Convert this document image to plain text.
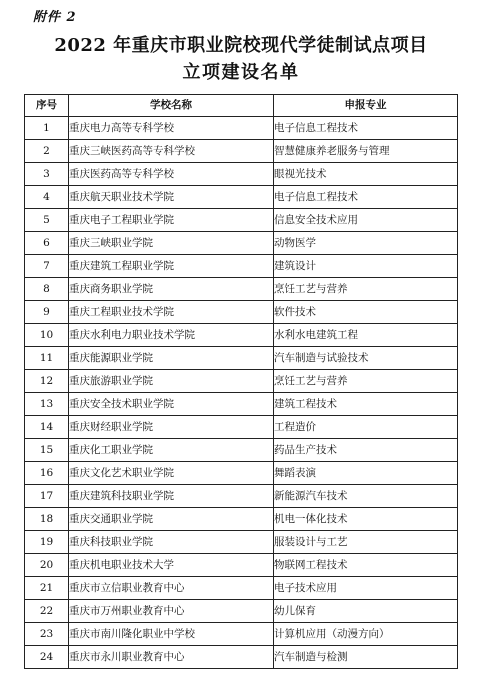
附件 2
2022 年重庆市职业院校现代学徒制试点项目
立项建设名单
序号	学校名称	申报专业
1	重庆电力高等专科学校	电子信息工程技术
2	重庆三峡医药高等专科学校	智慧健康养老服务与管理
3	重庆医药高等专科学校	眼视光技术
4	重庆航天职业技术学院	电子信息工程技术
5	重庆电子工程职业学院	信息安全技术应用
6	重庆三峡职业学院	动物医学
7	重庆建筑工程职业学院	建筑设计
8	重庆商务职业学院	烹饪工艺与营养
9	重庆工程职业技术学院	软件技术
10	重庆水利电力职业技术学院	水利水电建筑工程
11	重庆能源职业学院	汽车制造与试验技术
12	重庆旅游职业学院	烹饪工艺与营养
13	重庆安全技术职业学院	建筑工程技术
14	重庆财经职业学院	工程造价
15	重庆化工职业学院	药品生产技术
16	重庆文化艺术职业学院	舞蹈表演
17	重庆建筑科技职业学院	新能源汽车技术
18	重庆交通职业学院	机电一体化技术
19	重庆科技职业学院	服装设计与工艺
20	重庆机电职业技术大学	物联网工程技术
21	重庆市立信职业教育中心	电子技术应用
22	重庆市万州职业教育中心	幼儿保育
23	重庆市南川隆化职业中学校	计算机应用（动漫方向）
24	重庆市永川职业教育中心	汽车制造与检测
